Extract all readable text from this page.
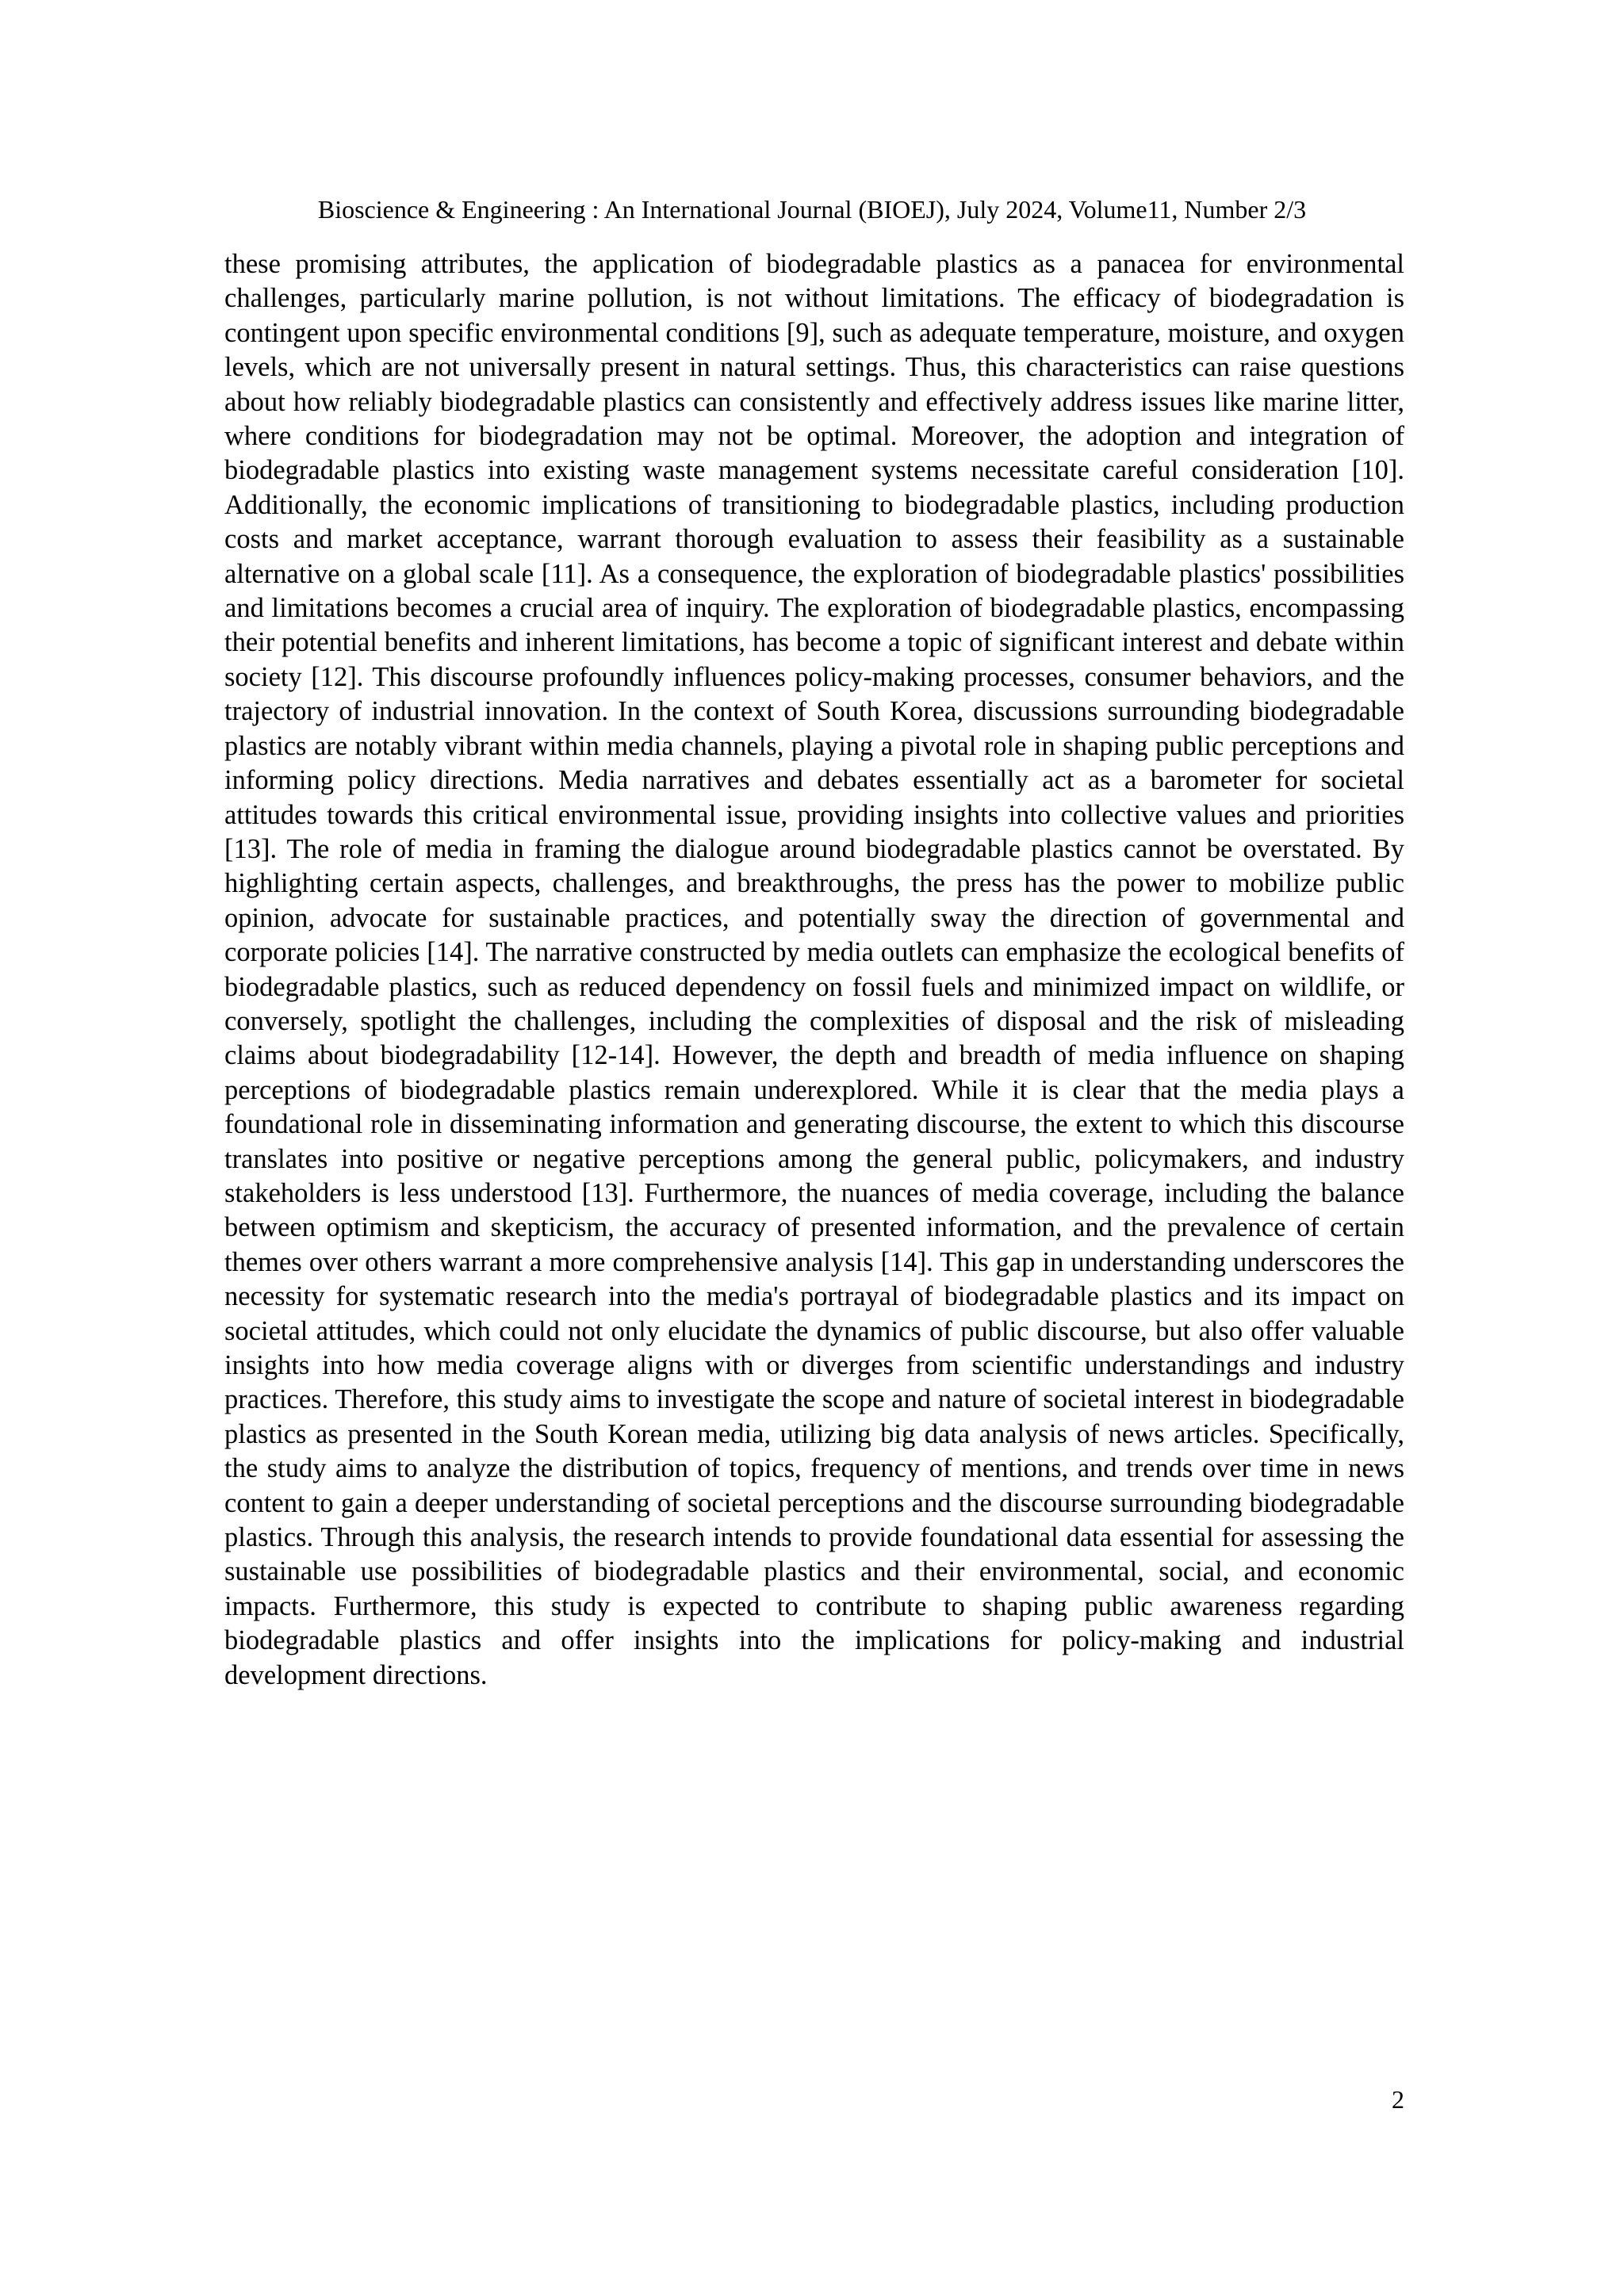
Bioscience & Engineering : An International Journal (BIOEJ), July 2024, Volume11, Number 2/3

these promising attributes, the application of biodegradable plastics as a panacea for environmental challenges, particularly marine pollution, is not without limitations. The efficacy of biodegradation is contingent upon specific environmental conditions [9], such as adequate temperature, moisture, and oxygen levels, which are not universally present in natural settings. Thus, this characteristics can raise questions about how reliably biodegradable plastics can consistently and effectively address issues like marine litter, where conditions for biodegradation may not be optimal. Moreover, the adoption and integration of biodegradable plastics into existing waste management systems necessitate careful consideration [10]. Additionally, the economic implications of transitioning to biodegradable plastics, including production costs and market acceptance, warrant thorough evaluation to assess their feasibility as a sustainable alternative on a global scale [11]. As a consequence, the exploration of biodegradable plastics' possibilities and limitations becomes a crucial area of inquiry. The exploration of biodegradable plastics, encompassing their potential benefits and inherent limitations, has become a topic of significant interest and debate within society [12]. This discourse profoundly influences policy-making processes, consumer behaviors, and the trajectory of industrial innovation. In the context of South Korea, discussions surrounding biodegradable plastics are notably vibrant within media channels, playing a pivotal role in shaping public perceptions and informing policy directions. Media narratives and debates essentially act as a barometer for societal attitudes towards this critical environmental issue, providing insights into collective values and priorities [13]. The role of media in framing the dialogue around biodegradable plastics cannot be overstated. By highlighting certain aspects, challenges, and breakthroughs, the press has the power to mobilize public opinion, advocate for sustainable practices, and potentially sway the direction of governmental and corporate policies [14]. The narrative constructed by media outlets can emphasize the ecological benefits of biodegradable plastics, such as reduced dependency on fossil fuels and minimized impact on wildlife, or conversely, spotlight the challenges, including the complexities of disposal and the risk of misleading claims about biodegradability [12-14]. However, the depth and breadth of media influence on shaping perceptions of biodegradable plastics remain underexplored. While it is clear that the media plays a foundational role in disseminating information and generating discourse, the extent to which this discourse translates into positive or negative perceptions among the general public, policymakers, and industry stakeholders is less understood [13]. Furthermore, the nuances of media coverage, including the balance between optimism and skepticism, the accuracy of presented information, and the prevalence of certain themes over others warrant a more comprehensive analysis [14]. This gap in understanding underscores the necessity for systematic research into the media's portrayal of biodegradable plastics and its impact on societal attitudes, which could not only elucidate the dynamics of public discourse, but also offer valuable insights into how media coverage aligns with or diverges from scientific understandings and industry practices. Therefore, this study aims to investigate the scope and nature of societal interest in biodegradable plastics as presented in the South Korean media, utilizing big data analysis of news articles. Specifically, the study aims to analyze the distribution of topics, frequency of mentions, and trends over time in news content to gain a deeper understanding of societal perceptions and the discourse surrounding biodegradable plastics. Through this analysis, the research intends to provide foundational data essential for assessing the sustainable use possibilities of biodegradable plastics and their environmental, social, and economic impacts. Furthermore, this study is expected to contribute to shaping public awareness regarding biodegradable plastics and offer insights into the implications for policy-making and industrial development directions.

2
